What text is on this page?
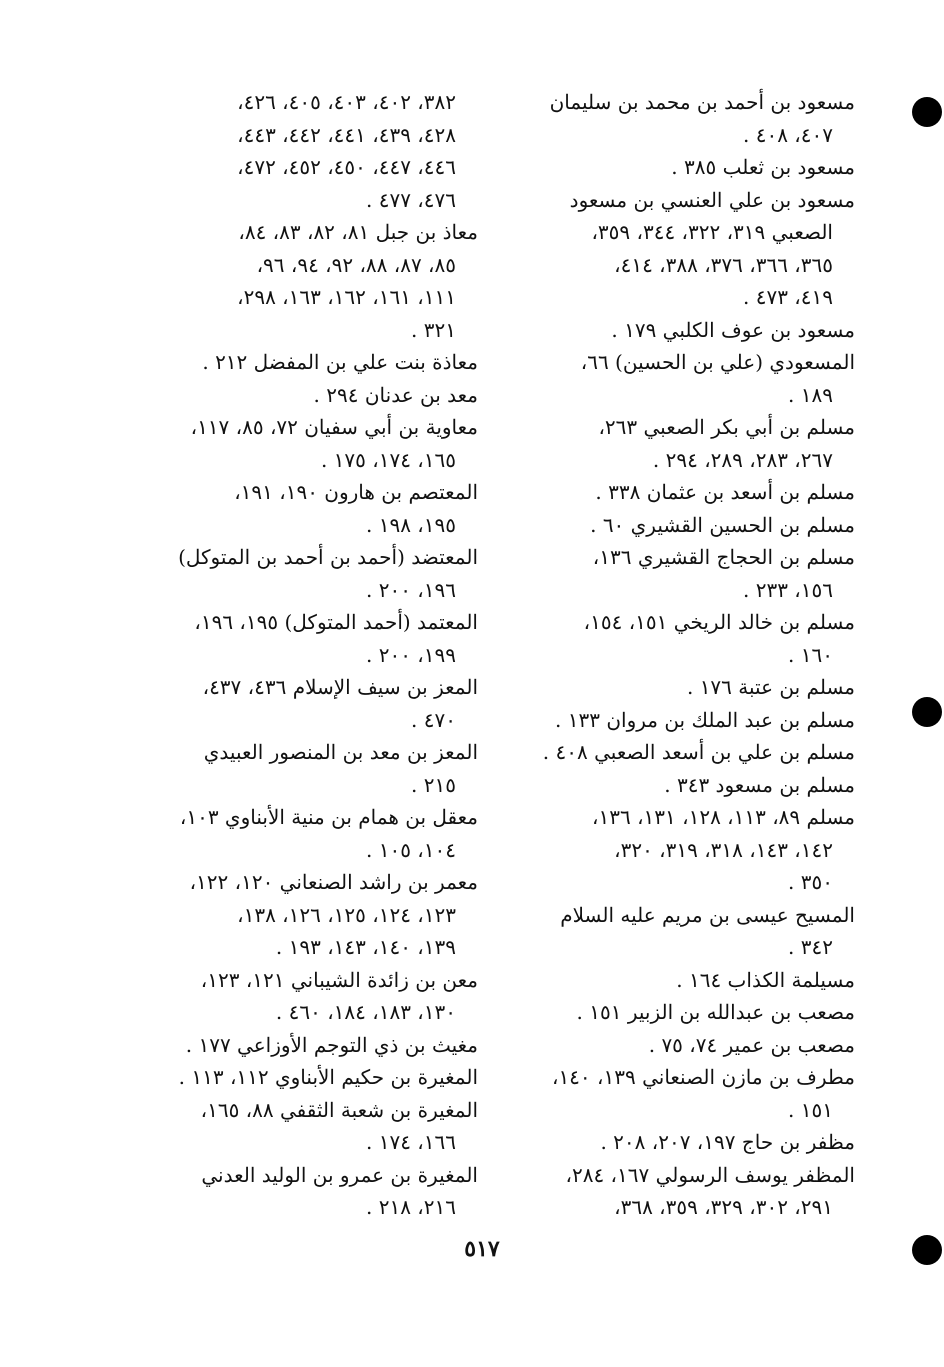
مسعود بن أحمد بن محمد بن سليمان
٤٠٧، ٤٠٨ .
مسعود بن ثعلب ٣٨٥ .
مسعود بن علي العنسي بن مسعود
الصعبي ٣١٩، ٣٢٢، ٣٤٤، ٣٥٩،
٣٦٥، ٣٦٦، ٣٧٦، ٣٨٨، ٤١٤،
٤١٩، ٤٧٣ .
مسعود بن عوف الكلبي ١٧٩ .
المسعودي (علي بن الحسين) ٦٦،
١٨٩ .
مسلم بن أبي بكر الصعبي ٢٦٣،
٢٦٧، ٢٨٣، ٢٨٩، ٢٩٤ .
مسلم بن أسعد بن عثمان ٣٣٨ .
مسلم بن الحسين القشيري ٦٠ .
مسلم بن الحجاج القشيري ١٣٦،
١٥٦، ٢٣٣ .
مسلم بن خالد الريخي ١٥١، ١٥٤،
١٦٠ .
مسلم بن عتبة ١٧٦ .
مسلم بن عبد الملك بن مروان ١٣٣ .
مسلم بن علي بن أسعد الصعبي ٤٠٨ .
مسلم بن مسعود ٣٤٣ .
مسلم ٨٩، ١١٣، ١٢٨، ١٣١، ١٣٦،
١٤٢، ١٤٣، ٣١٨، ٣١٩، ٣٢٠،
٣٥٠ .
المسيح عيسى بن مريم عليه السلام
٣٤٢ .
مسيلمة الكذاب ١٦٤ .
مصعب بن عبدالله بن الزبير ١٥١ .
مصعب بن عمير ٧٤، ٧٥ .
مطرف بن مازن الصنعاني ١٣٩، ١٤٠،
١٥١ .
مظفر بن حاج ١٩٧، ٢٠٧، ٢٠٨ .
المظفر يوسف الرسولي ١٦٧، ٢٨٤،
٢٩١، ٣٠٢، ٣٢٩، ٣٥٩، ٣٦٨،
٣٨٢، ٤٠٢، ٤٠٣، ٤٠٥، ٤٢٦،
٤٢٨، ٤٣٩، ٤٤١، ٤٤٢، ٤٤٣،
٤٤٦، ٤٤٧، ٤٥٠، ٤٥٢، ٤٧٢،
٤٧٦، ٤٧٧ .
معاذ بن جبل ٨١، ٨٢، ٨٣، ٨٤،
٨٥، ٨٧، ٨٨، ٩٢، ٩٤، ٩٦،
١١١، ١٦١، ١٦٢، ١٦٣، ٢٩٨،
٣٢١ .
معاذة بنت علي بن المفضل ٢١٢ .
معد بن عدنان ٢٩٤ .
معاوية بن أبي سفيان ٧٢، ٨٥، ١١٧،
١٦٥، ١٧٤، ١٧٥ .
المعتصم بن هارون ١٩٠، ١٩١،
١٩٥، ١٩٨ .
المعتضد (أحمد بن أحمد بن المتوكل)
١٩٦، ٢٠٠ .
المعتمد (أحمد المتوكل) ١٩٥، ١٩٦،
١٩٩، ٢٠٠ .
المعز بن سيف الإسلام ٤٣٦، ٤٣٧،
٤٧٠ .
المعز بن معد بن المنصور العبيدي
٢١٥ .
معقل بن همام بن منية الأبناوي ١٠٣،
١٠٤، ١٠٥ .
معمر بن راشد الصنعاني ١٢٠، ١٢٢،
١٢٣، ١٢٤، ١٢٥، ١٢٦، ١٣٨،
١٣٩، ١٤٠، ١٤٣، ١٩٣ .
معن بن زائدة الشيباني ١٢١، ١٢٣،
١٣٠، ١٨٣، ١٨٤، ٤٦٠ .
مغيث بن ذي التوجم الأوزاعي ١٧٧ .
المغيرة بن حكيم الأبناوي ١١٢، ١١٣ .
المغيرة بن شعبة الثقفي ٨٨، ١٦٥،
١٦٦، ١٧٤ .
المغيرة بن عمرو بن الوليد العدني
٢١٦، ٢١٨ .
٥١٧
